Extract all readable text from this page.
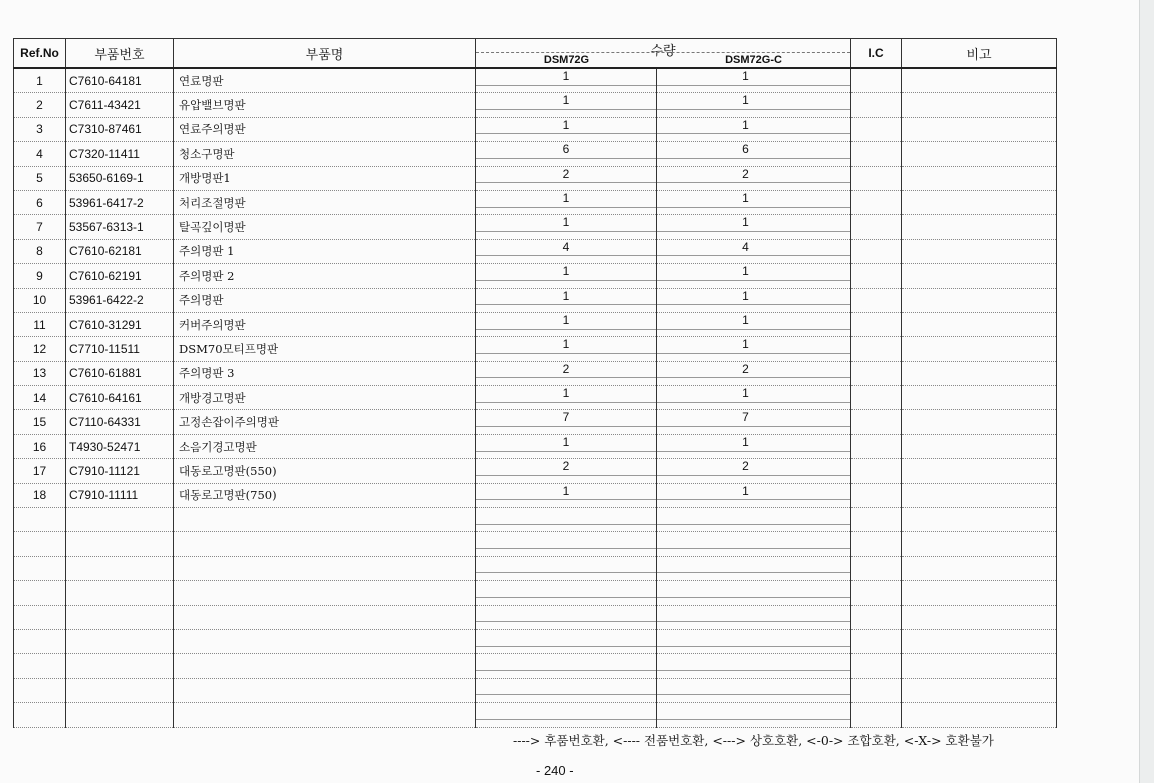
Ref.No	부품번호	부품명	수량
DSM72G DSM72G-C		I.C	비고
1	C7610-64181	연료명판	1	1		
2	C7611-43421	유압밸브명판	1	1		
3	C7310-87461	연료주의명판	1	1		
4	C7320-11411	청소구명판	6	6		
5	53650-6169-1	개방명판1	2	2		
6	53961-6417-2	처리조절명판	1	1		
7	53567-6313-1	탈곡깊이명판	1	1		
8	C7610-62181	주의명판 1	4	4		
9	C7610-62191	주의명판 2	1	1		
10	53961-6422-2	주의명판	1	1		
11	C7610-31291	커버주의명판	1	1		
12	C7710-11511	DSM70모티프명판	1	1		
13	C7610-61881	주의명판 3	2	2		
14	C7610-64161	개방경고명판	1	1		
15	C7110-64331	고정손잡이주의명판	7	7		
16	T4930-52471	소음기경고명판	1	1		
17	C7910-11121	대동로고명판(550)	2	2		
18	C7910-11111	대동로고명판(750)	1	1		

----> 후품번호환, <---- 전품번호환, <---> 상호호환, <-0-> 조합호환, <-X-> 호환불가
- 240 -
